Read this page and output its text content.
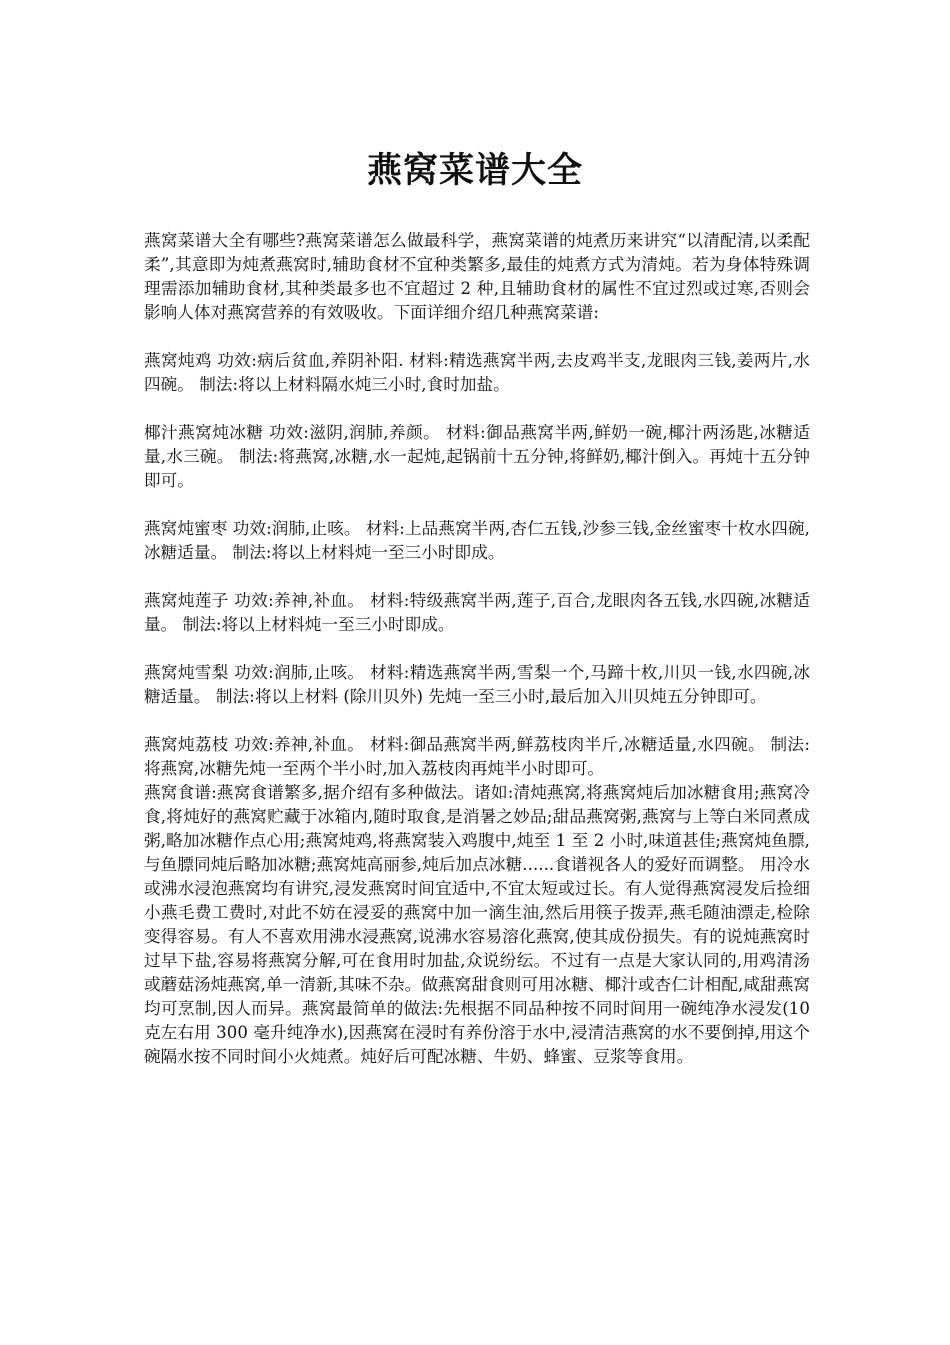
燕窝菜谱大全

燕窝菜谱大全有哪些?燕窝菜谱怎么做最科学，燕窝菜谱的炖煮历来讲究“以清配清,以柔配柔”,其意即为炖煮燕窝时,辅助食材不宜种类繁多,最佳的炖煮方式为清炖。若为身体特殊调理需添加辅助食材,其种类最多也不宜超过 2 种,且辅助食材的属性不宜过烈或过寒,否则会影响人体对燕窝营养的有效吸收。下面详细介绍几种燕窝菜谱:

燕窝炖鸡 功效:病后贫血,养阴补阳. 材料:精选燕窝半两,去皮鸡半支,龙眼肉三钱,姜两片,水四碗。 制法:将以上材料隔水炖三小时,食时加盐。

椰汁燕窝炖冰糖 功效:滋阴,润肺,养颜。 材料:御品燕窝半两,鲜奶一碗,椰汁两汤匙,冰糖适量,水三碗。 制法:将燕窝,冰糖,水一起炖,起锅前十五分钟,将鲜奶,椰汁倒入。再炖十五分钟即可。

燕窝炖蜜枣 功效:润肺,止咳。 材料:上品燕窝半两,杏仁五钱,沙参三钱,金丝蜜枣十枚水四碗,冰糖适量。 制法:将以上材料炖一至三小时即成。

燕窝炖莲子 功效:养神,补血。 材料:特级燕窝半两,莲子,百合,龙眼肉各五钱,水四碗,冰糖适量。 制法:将以上材料炖一至三小时即成。

燕窝炖雪梨 功效:润肺,止咳。 材料:精选燕窝半两,雪梨一个,马蹄十枚,川贝一钱,水四碗,冰糖适量。 制法:将以上材料 (除川贝外) 先炖一至三小时,最后加入川贝炖五分钟即可。

燕窝炖荔枝 功效:养神,补血。 材料:御品燕窝半两,鲜荔枝肉半斤,冰糖适量,水四碗。 制法:将燕窝,冰糖先炖一至两个半小时,加入荔枝肉再炖半小时即可。

燕窝食谱:燕窝食谱繁多,据介绍有多种做法。诸如:清炖燕窝,将燕窝炖后加冰糖食用;燕窝冷食,将炖好的燕窝贮藏于冰箱内,随时取食,是消暑之妙品;甜品燕窝粥,燕窝与上等白米同煮成粥,略加冰糖作点心用;燕窝炖鸡,将燕窝装入鸡腹中,炖至 1 至 2 小时,味道甚佳;燕窝炖鱼膘,与鱼膘同炖后略加冰糖;燕窝炖高丽参,炖后加点冰糖......食谱视各人的爱好而调整。 用冷水或沸水浸泡燕窝均有讲究,浸发燕窝时间宜适中,不宜太短或过长。有人觉得燕窝浸发后捡细小燕毛费工费时,对此不妨在浸妥的燕窝中加一滴生油,然后用筷子拨弄,燕毛随油漂走,检除变得容易。有人不喜欢用沸水浸燕窝,说沸水容易溶化燕窝,使其成份损失。有的说炖燕窝时过早下盐,容易将燕窝分解,可在食用时加盐,众说纷纭。不过有一点是大家认同的,用鸡清汤或蘑菇汤炖燕窝,单一清新,其味不杂。做燕窝甜食则可用冰糖、椰汁或杏仁计相配,咸甜燕窝均可烹制,因人而异。燕窝最简单的做法:先根据不同品种按不同时间用一碗纯净水浸发(10 克左右用 300 毫升纯净水),因燕窝在浸时有养份溶于水中,浸清洁燕窝的水不要倒掉,用这个碗隔水按不同时间小火炖煮。炖好后可配冰糖、牛奶、蜂蜜、豆浆等食用。
